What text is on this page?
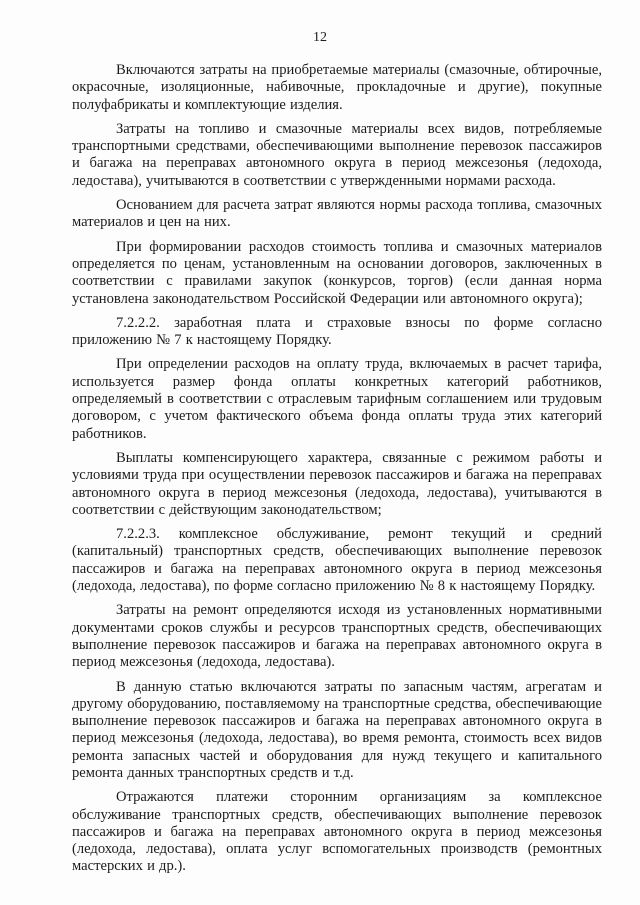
12

Включаются затраты на приобретаемые материалы (смазочные, обтирочные, окрасочные, изоляционные, набивочные, прокладочные и другие), покупные полуфабрикаты и комплектующие изделия.

Затраты на топливо и смазочные материалы всех видов, потребляемые транспортными средствами, обеспечивающими выполнение перевозок пассажиров и багажа на переправах автономного округа в период межсезонья (ледохода, ледостава), учитываются в соответствии с утвержденными нормами расхода.

Основанием для расчета затрат являются нормы расхода топлива, смазочных материалов и цен на них.

При формировании расходов стоимость топлива и смазочных материалов определяется по ценам, установленным на основании договоров, заключенных в соответствии с правилами закупок (конкурсов, торгов) (если данная норма установлена законодательством Российской Федерации или автономного округа);

7.2.2.2. заработная плата и страховые взносы по форме согласно приложению № 7 к настоящему Порядку.

При определении расходов на оплату труда, включаемых в расчет тарифа, используется размер фонда оплаты конкретных категорий работников, определяемый в соответствии с отраслевым тарифным соглашением или трудовым договором, с учетом фактического объема фонда оплаты труда этих категорий работников.

Выплаты компенсирующего характера, связанные с режимом работы и условиями труда при осуществлении перевозок пассажиров и багажа на переправах автономного округа в период межсезонья (ледохода, ледостава), учитываются в соответствии с действующим законодательством;

7.2.2.3. комплексное обслуживание, ремонт текущий и средний (капитальный) транспортных средств, обеспечивающих выполнение перевозок пассажиров и багажа на переправах автономного округа в период межсезонья (ледохода, ледостава), по форме согласно приложению № 8 к настоящему Порядку.

Затраты на ремонт определяются исходя из установленных нормативными документами сроков службы и ресурсов транспортных средств, обеспечивающих выполнение перевозок пассажиров и багажа на переправах автономного округа в период межсезонья (ледохода, ледостава).

В данную статью включаются затраты по запасным частям, агрегатам и другому оборудованию, поставляемому на транспортные средства, обеспечивающие выполнение перевозок пассажиров и багажа на переправах автономного округа в период межсезонья (ледохода, ледостава), во время ремонта, стоимость всех видов ремонта запасных частей и оборудования для нужд текущего и капитального ремонта данных транспортных средств и т.д.

Отражаются платежи сторонним организациям за комплексное обслуживание транспортных средств, обеспечивающих выполнение перевозок пассажиров и багажа на переправах автономного округа в период межсезонья (ледохода, ледостава), оплата услуг вспомогательных производств (ремонтных мастерских и др.).
